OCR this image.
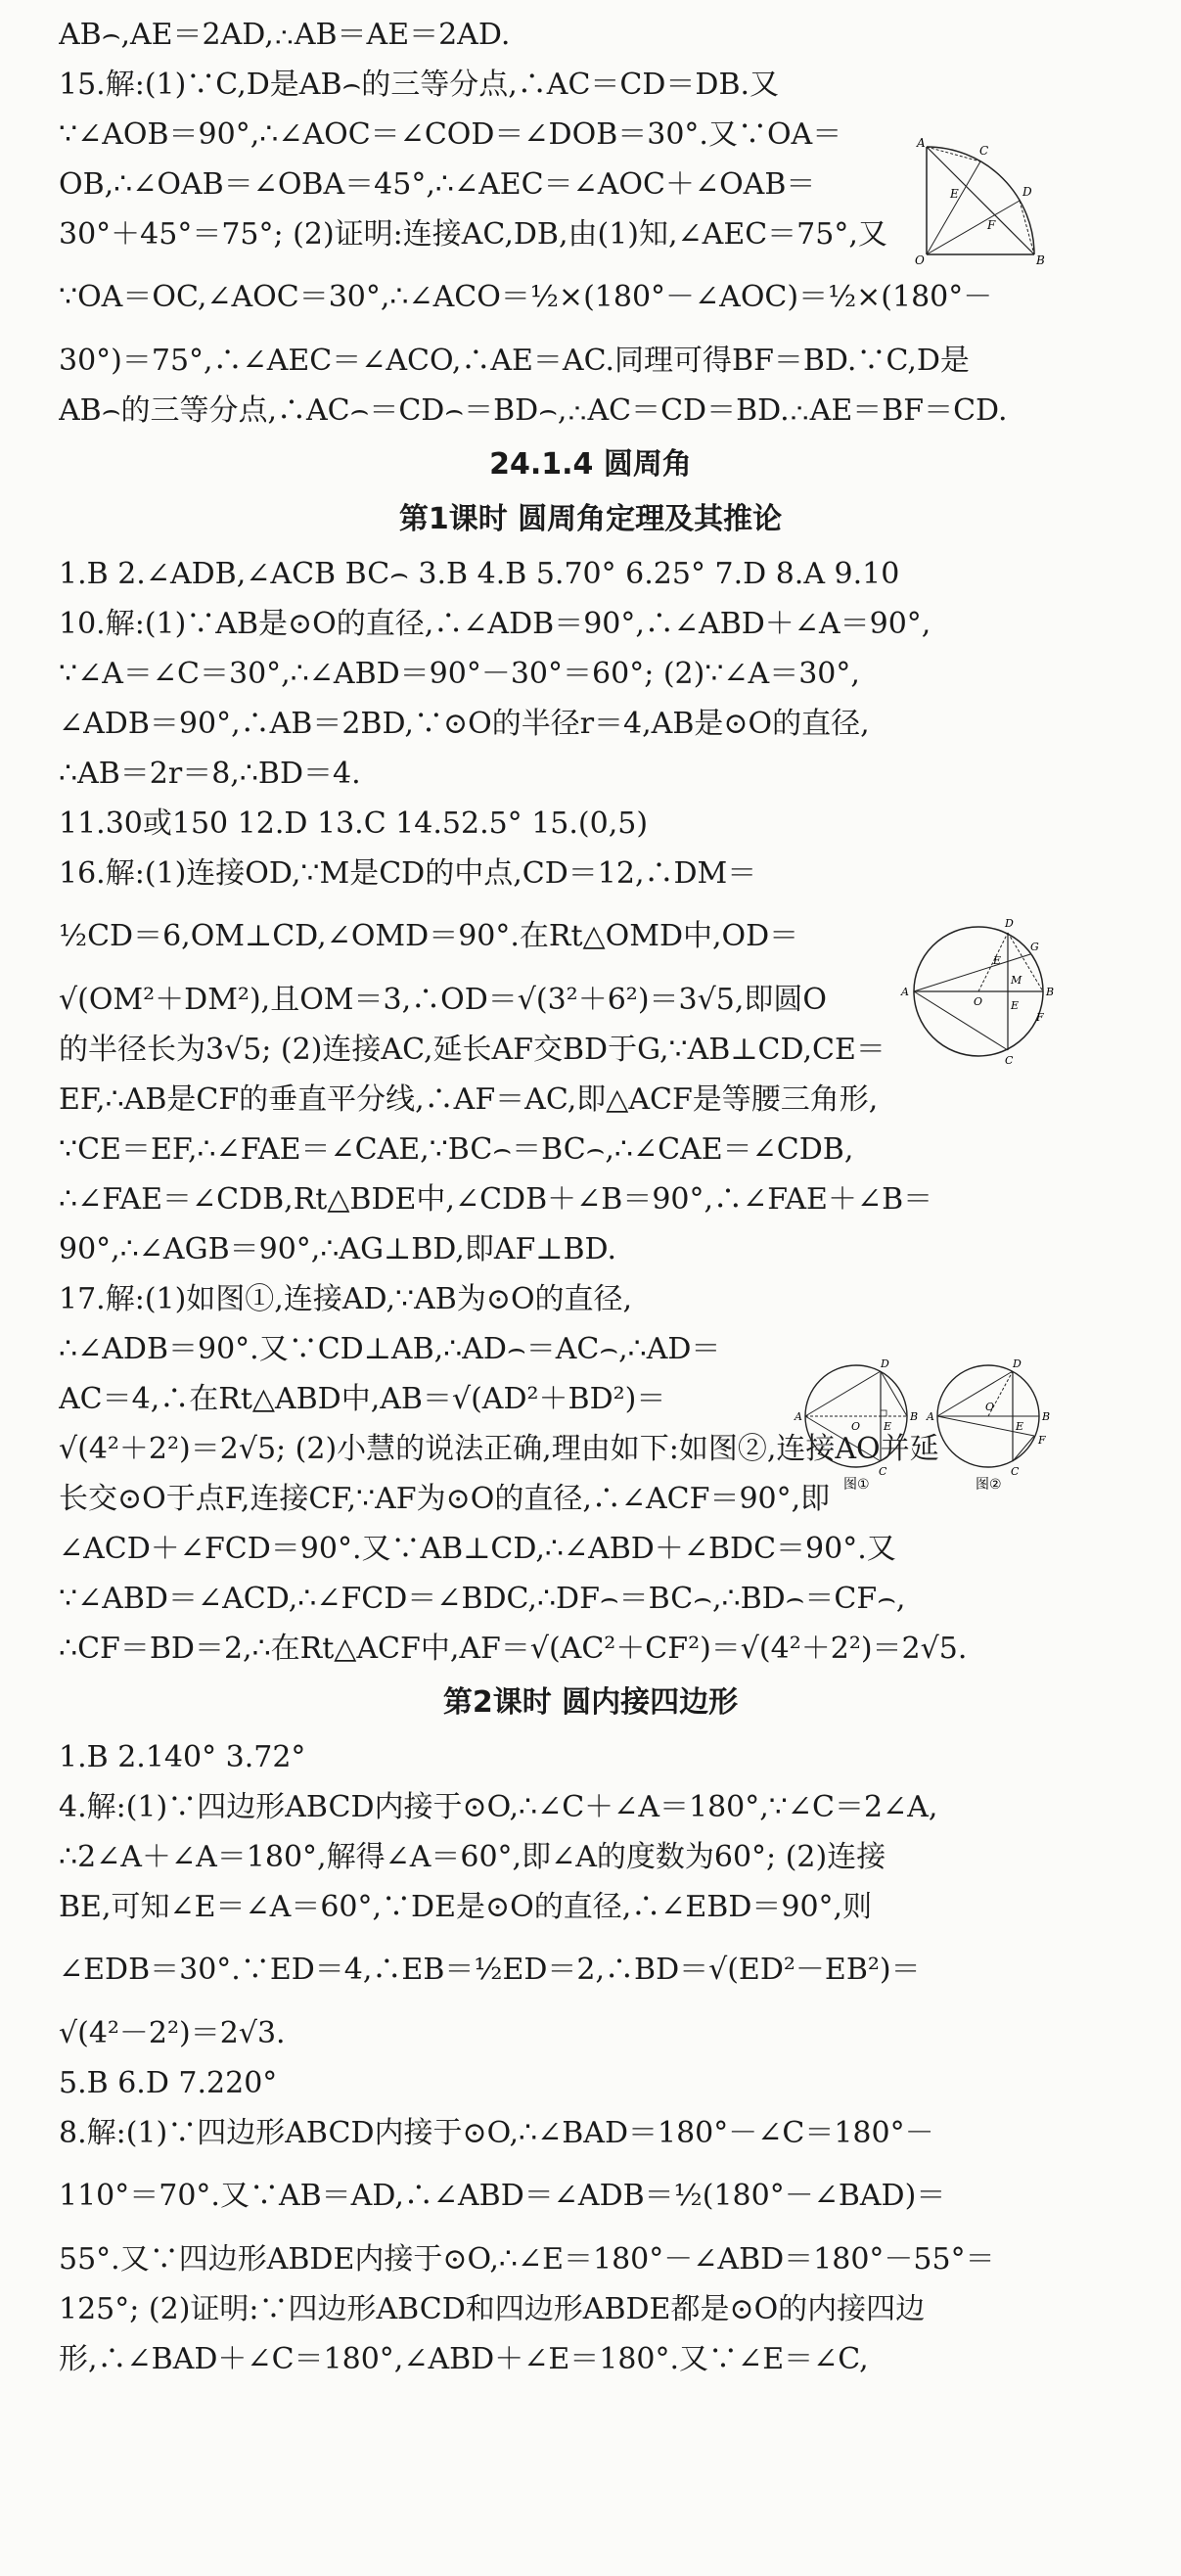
AB⌢,AE＝2AD,∴AB＝AE＝2AD.

15.解:(1)∵C,D是AB⌢的三等分点,∴AC＝CD＝DB.又

∵∠AOB＝90°,∴∠AOC＝∠COD＝∠DOB＝30°.又∵OA＝

OB,∴∠OAB＝∠OBA＝45°,∴∠AEC＝∠AOC＋∠OAB＝

30°＋45°＝75°; (2)证明:连接AC,DB,由(1)知,∠AEC＝75°,又

∵OA＝OC,∠AOC＝30°,∴∠ACO＝½×(180°－∠AOC)＝½×(180°－

30°)＝75°,∴∠AEC＝∠ACO,∴AE＝AC.同理可得BF＝BD.∵C,D是

AB⌢的三等分点,∴AC⌢＝CD⌢＝BD⌢,∴AC＝CD＝BD.∴AE＝BF＝CD.

24.1.4 圆周角
第1课时 圆周角定理及其推论

1.B 2.∠ADB,∠ACB BC⌢ 3.B 4.B 5.70° 6.25° 7.D 8.A 9.10

10.解:(1)∵AB是⊙O的直径,∴∠ADB＝90°,∴∠ABD＋∠A＝90°,

∵∠A＝∠C＝30°,∴∠ABD＝90°－30°＝60°; (2)∵∠A＝30°,

∠ADB＝90°,∴AB＝2BD,∵⊙O的半径r＝4,AB是⊙O的直径,

∴AB＝2r＝8,∴BD＝4.

11.30或150 12.D 13.C 14.52.5° 15.(0,5)

16.解:(1)连接OD,∵M是CD的中点,CD＝12,∴DM＝

½CD＝6,OM⊥CD,∠OMD＝90°.在Rt△OMD中,OD＝

√(OM²＋DM²),且OM＝3,∴OD＝√(3²＋6²)＝3√5,即圆O

的半径长为3√5; (2)连接AC,延长AF交BD于G,∵AB⊥CD,CE＝

EF,∴AB是CF的垂直平分线,∴AF＝AC,即△ACF是等腰三角形,

∵CE＝EF,∴∠FAE＝∠CAE,∵BC⌢＝BC⌢,∴∠CAE＝∠CDB,

∴∠FAE＝∠CDB,Rt△BDE中,∠CDB＋∠B＝90°,∴∠FAE＋∠B＝

90°,∴∠AGB＝90°,∴AG⊥BD,即AF⊥BD.

17.解:(1)如图①,连接AD,∵AB为⊙O的直径,

∴∠ADB＝90°.又∵CD⊥AB,∴AD⌢＝AC⌢,∴AD＝

AC＝4,∴在Rt△ABD中,AB＝√(AD²＋BD²)＝

√(4²＋2²)＝2√5; (2)小慧的说法正确,理由如下:如图②,连接AO并延

长交⊙O于点F,连接CF,∵AF为⊙O的直径,∴∠ACF＝90°,即

∠ACD＋∠FCD＝90°.又∵AB⊥CD,∴∠ABD＋∠BDC＝90°.又

∵∠ABD＝∠ACD,∴∠FCD＝∠BDC,∴DF⌢＝BC⌢,∴BD⌢＝CF⌢,

∴CF＝BD＝2,∴在Rt△ACF中,AF＝√(AC²＋CF²)＝√(4²＋2²)＝2√5.

第2课时 圆内接四边形

1.B 2.140° 3.72°

4.解:(1)∵四边形ABCD内接于⊙O,∴∠C＋∠A＝180°,∵∠C＝2∠A,

∴2∠A＋∠A＝180°,解得∠A＝60°,即∠A的度数为60°; (2)连接

BE,可知∠E＝∠A＝60°,∵DE是⊙O的直径,∴∠EBD＝90°,则

∠EDB＝30°.∵ED＝4,∴EB＝½ED＝2,∴BD＝√(ED²－EB²)＝

√(4²－2²)＝2√3.

5.B 6.D 7.220°

8.解:(1)∵四边形ABCD内接于⊙O,∴∠BAD＝180°－∠C＝180°－

110°＝70°.又∵AB＝AD,∴∠ABD＝∠ADB＝½(180°－∠BAD)＝

55°.又∵四边形ABDE内接于⊙O,∴∠E＝180°－∠ABD＝180°－55°＝

125°; (2)证明:∵四边形ABCD和四边形ABDE都是⊙O的内接四边

形,∴∠BAD＋∠C＝180°,∠ABD＋∠E＝180°.又∵∠E＝∠C,

A
C
D
E
F
O	B
D
E
G
M
A
O
B
E
C
F
D
A
O E
B
C
图①
D
A
O
E
B
C
F
图②
